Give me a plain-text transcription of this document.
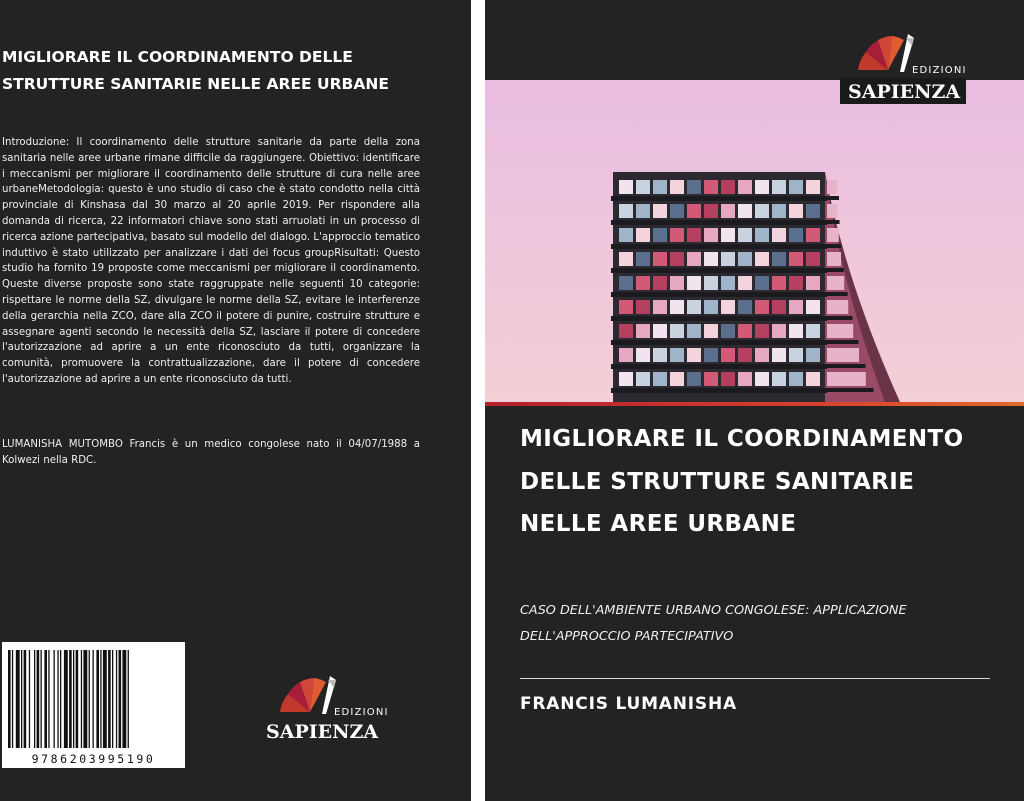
MIGLIORARE IL COORDINAMENTO DELLE STRUTTURE SANITARIE NELLE AREE URBANE

Introduzione: Il coordinamento delle strutture sanitarie da parte della zona sanitaria nelle aree urbane rimane difficile da raggiungere. Obiettivo: identificare i meccanismi per migliorare il coordinamento delle strutture di cura nelle aree urbaneMetodologia: questo è uno studio di caso che è stato condotto nella città provinciale di Kinshasa dal 30 marzo al 20 aprile 2019. Per rispondere alla domanda di ricerca, 22 informatori chiave sono stati arruolati in un processo di ricerca azione partecipativa, basato sul modello del dialogo. L'approccio tematico induttivo è stato utilizzato per analizzare i dati dei focus groupRisultati: Questo studio ha fornito 19 proposte come meccanismi per migliorare il coordinamento. Queste diverse proposte sono state raggruppate nelle seguenti 10 categorie: rispettare le norme della SZ, divulgare le norme della SZ, evitare le interferenze della gerarchia nella ZCO, dare alla ZCO il potere di punire, costruire strutture e assegnare agenti secondo le necessità della SZ, lasciare il potere di concedere l'autorizzazione ad aprire a un ente riconosciuto da tutti, organizzare la comunità, promuovere la contrattualizzazione, dare il potere di concedere l'autorizzazione ad aprire a un ente riconosciuto da tutti.

LUMANISHA MUTOMBO Francis è un medico congolese nato il 04/07/1988 a Kolwezi nella RDC.

9786203995190
EDIZIONI
SAPIENZA
EDIZIONI
SAPIENZA
MIGLIORARE IL COORDINAMENTO DELLE STRUTTURE SANITARIE NELLE AREE URBANE

CASO DELL'AMBIENTE URBANO CONGOLESE: APPLICAZIONE DELL'APPROCCIO PARTECIPATIVO

FRANCIS LUMANISHA
